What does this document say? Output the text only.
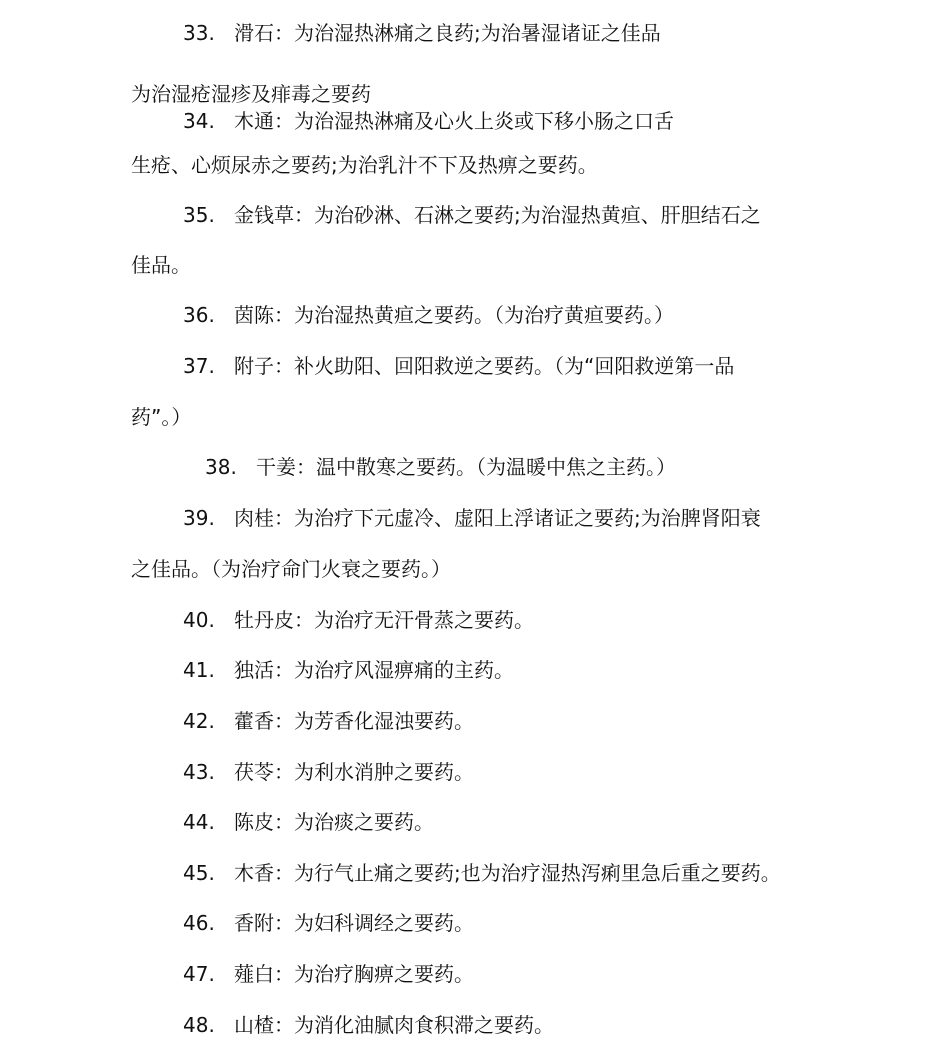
33. 滑石：为治湿热淋痛之良药;为治暑湿诸证之佳品
为治湿疮湿疹及痱毒之要药
34. 木通：为治湿热淋痛及心火上炎或下移小肠之口舌
生疮、心烦尿赤之要药;为治乳汁不下及热痹之要药。
35. 金钱草：为治砂淋、石淋之要药;为治湿热黄疸、肝胆结石之
佳品。
36. 茵陈：为治湿热黄疸之要药。（为治疗黄疸要药。）
37. 附子：补火助阳、回阳救逆之要药。（为“回阳救逆第一品
药”。）
38. 干姜：温中散寒之要药。（为温暖中焦之主药。）
39. 肉桂：为治疗下元虚冷、虚阳上浮诸证之要药;为治脾肾阳衰
之佳品。（为治疗命门火衰之要药。）
40. 牡丹皮：为治疗无汗骨蒸之要药。
41. 独活：为治疗风湿痹痛的主药。
42. 藿香：为芳香化湿浊要药。
43. 茯苓：为利水消肿之要药。
44. 陈皮：为治痰之要药。
45. 木香：为行气止痛之要药;也为治疗湿热泻痢里急后重之要药。
46. 香附：为妇科调经之要药。
47. 薤白：为治疗胸痹之要药。
48. 山楂：为消化油腻肉食积滞之要药。
